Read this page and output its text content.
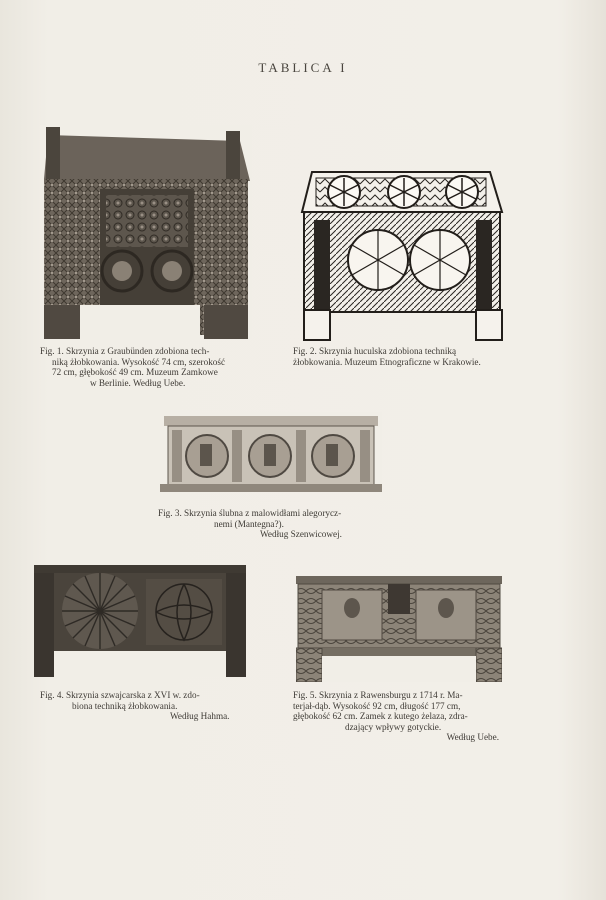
TABLICA I
Fig. 1. Skrzynia z Graubünden zdobiona tech-
niką żłobkowania. Wysokość 74 cm, szerokość
72 cm, głębokość 49 cm. Muzeum Zamkowe
w Berlinie. Według Uebe.
Fig. 2. Skrzynia huculska zdobiona techniką
żłobkowania. Muzeum Etnograficzne w Krakowie.
Fig. 3. Skrzynia ślubna z malowidłami alegorycz-
nemi (Mantegna?).
Według Szenwicowej.
Fig. 4. Skrzynia szwajcarska z XVI w. zdo-
biona techniką żłobkowania.
Według Hahma.
Fig. 5. Skrzynia z Rawensburgu z 1714 r. Ma-
terjał-dąb. Wysokość 92 cm, długość 177 cm,
głębokość 62 cm. Zamek z kutego żelaza, zdra-
dzający wpływy gotyckie.
Według Uebe.
